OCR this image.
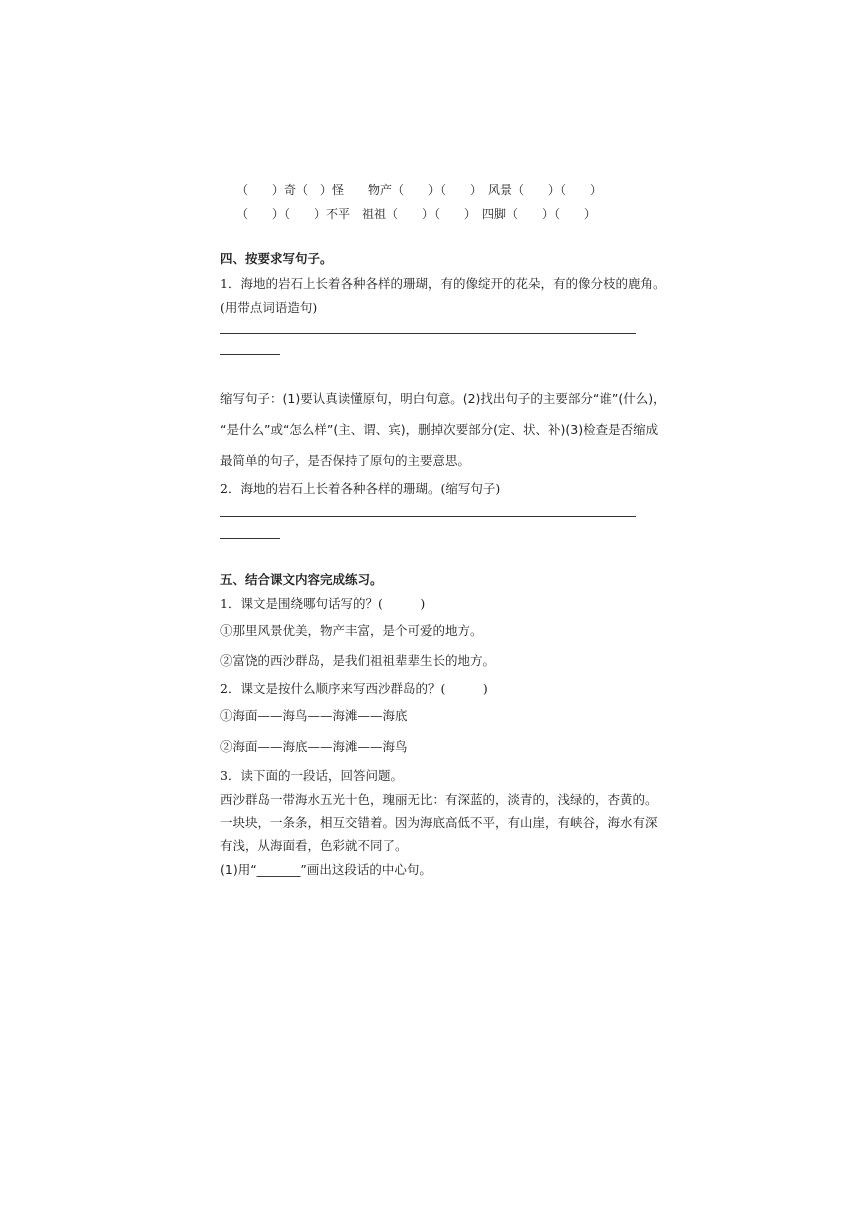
（　　）奇（　）怪　　物产（　　）（　　）　风景（　　）（　　）
（　　）（　　）不平　祖祖（　　）（　　）　四脚（　　）（　　）
四、按要求写句子。
1．海地的岩石上长着各种各样的珊瑚，有的像绽开的花朵，有的像分枝的鹿角。
(用带点词语造句)
缩写句子：(1)要认真读懂原句，明白句意。(2)找出句子的主要部分“谁”(什么)，
“是什么”或“怎么样”(主、谓、宾)，删掉次要部分(定、状、补)(3)检查是否缩成
最简单的句子，是否保持了原句的主要意思。
2．海地的岩石上长着各种各样的珊瑚。(缩写句子)
五、结合课文内容完成练习。
1．课文是围绕哪句话写的？(　　　)
①那里风景优美，物产丰富，是个可爱的地方。
②富饶的西沙群岛，是我们祖祖辈辈生长的地方。
2．课文是按什么顺序来写西沙群岛的？(　　　)
①海面——海鸟——海滩——海底
②海面——海底——海滩——海鸟
3．读下面的一段话，回答问题。
西沙群岛一带海水五光十色，瑰丽无比：有深蓝的，淡青的，浅绿的，杏黄的。
一块块，一条条，相互交错着。因为海底高低不平，有山崖，有峡谷，海水有深
有浅，从海面看，色彩就不同了。
(1)用“_______”画出这段话的中心句。
